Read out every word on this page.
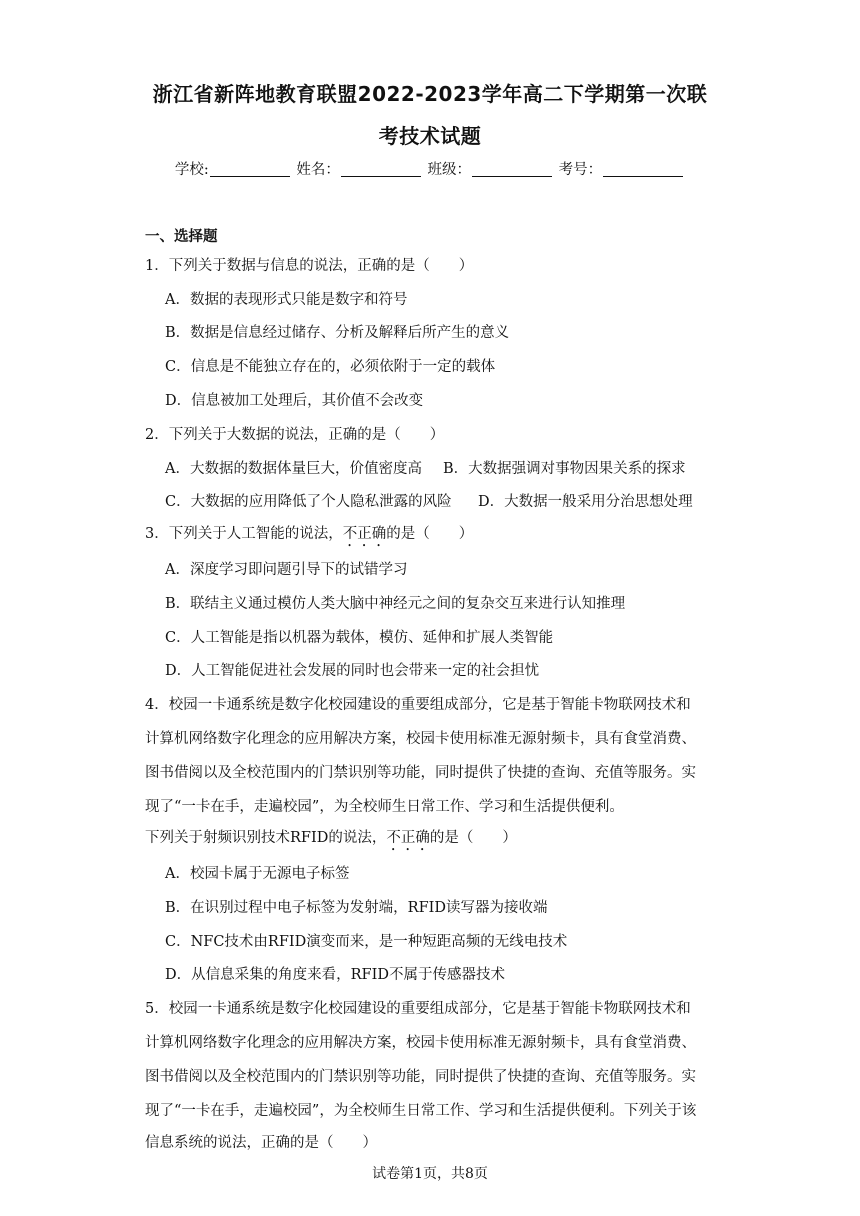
浙江省新阵地教育联盟2022-2023学年高二下学期第一次联
考技术试题
学校:	姓名：	班级：	考号：
一、选择题
1．下列关于数据与信息的说法，正确的是（　　）
A．数据的表现形式只能是数字和符号
B．数据是信息经过储存、分析及解释后所产生的意义
C．信息是不能独立存在的，必须依附于一定的载体
D．信息被加工处理后，其价值不会改变
2．下列关于大数据的说法，正确的是（　　）
A．大数据的数据体量巨大，价值密度高 B．大数据强调对事物因果关系的探求
C．大数据的应用降低了个人隐私泄露的风险 D．大数据一般采用分治思想处理
3．下列关于人工智能的说法，不正确的是（　　）
A．深度学习即问题引导下的试错学习
B．联结主义通过模仿人类大脑中神经元之间的复杂交互来进行认知推理
C．人工智能是指以机器为载体，模仿、延伸和扩展人类智能
D．人工智能促进社会发展的同时也会带来一定的社会担忧
4．校园一卡通系统是数字化校园建设的重要组成部分，它是基于智能卡物联网技术和
计算机网络数字化理念的应用解决方案，校园卡使用标准无源射频卡，具有食堂消费、
图书借阅以及全校范围内的门禁识别等功能，同时提供了快捷的查询、充值等服务。实
现了“一卡在手，走遍校园”，为全校师生日常工作、学习和生活提供便利。
下列关于射频识别技术RFID的说法，不正确的是（　　）
A．校园卡属于无源电子标签
B．在识别过程中电子标签为发射端，RFID读写器为接收端
C．NFC技术由RFID演变而来，是一种短距高频的无线电技术
D．从信息采集的角度来看，RFID不属于传感器技术
5．校园一卡通系统是数字化校园建设的重要组成部分，它是基于智能卡物联网技术和
计算机网络数字化理念的应用解决方案，校园卡使用标准无源射频卡，具有食堂消费、
图书借阅以及全校范围内的门禁识别等功能，同时提供了快捷的查询、充值等服务。实
现了“一卡在手，走遍校园”，为全校师生日常工作、学习和生活提供便利。下列关于该
信息系统的说法，正确的是（　　）
试卷第1页，共8页
